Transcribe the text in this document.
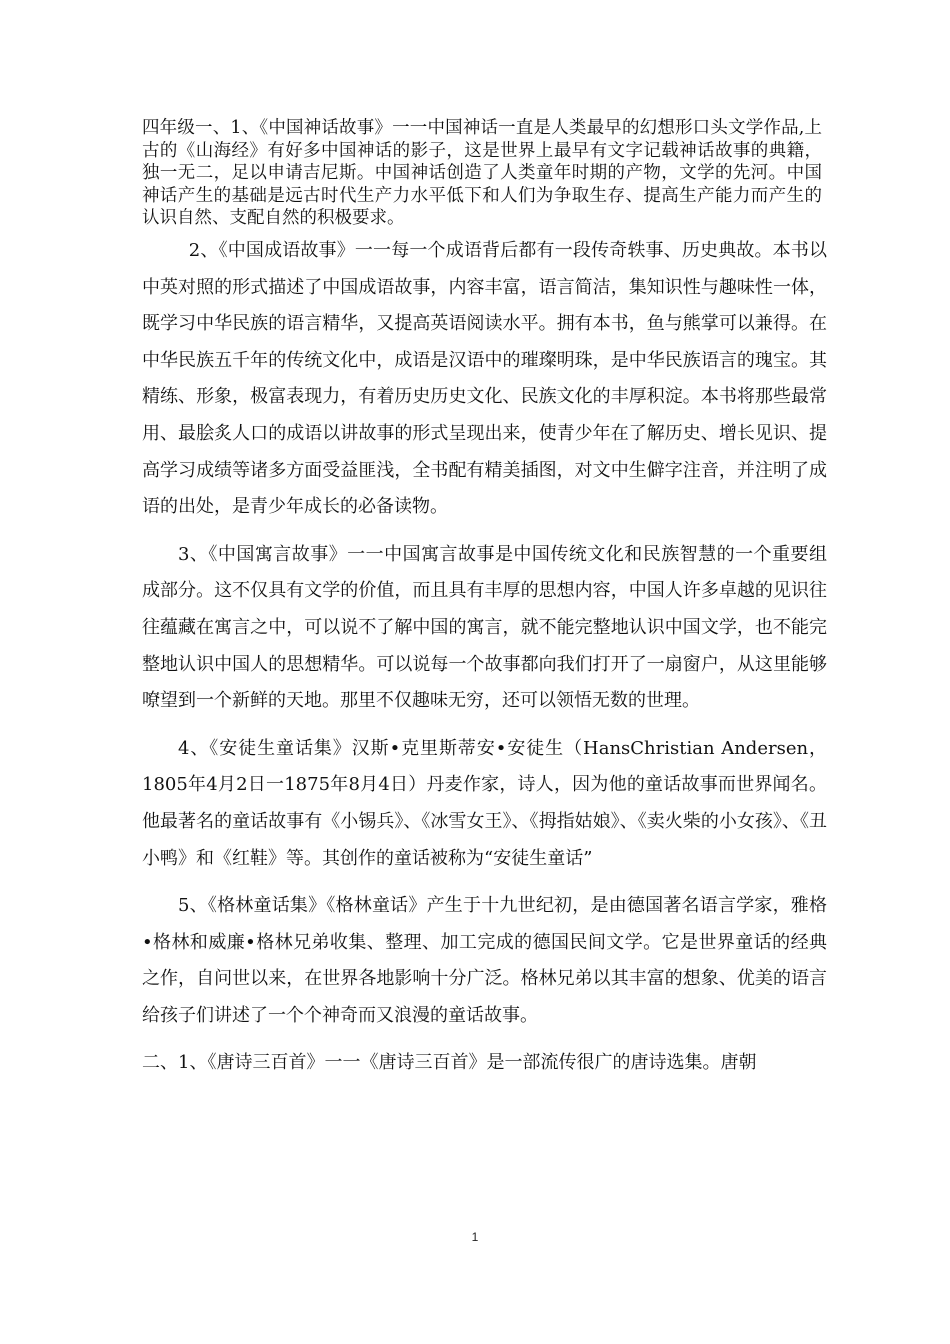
四年级一、1、《中国神话故事》一一中国神话一直是人类最早的幻想形口头文学作品,上古的《山海经》有好多中国神话的影子，这是世界上最早有文字记载神话故事的典籍，独一无二，足以申请吉尼斯。中国神话创造了人类童年时期的产物，文学的先河。中国神话产生的基础是远古时代生产力水平低下和人们为争取生存、提高生产能力而产生的认识自然、支配自然的积极要求。

2、《中国成语故事》一一每一个成语背后都有一段传奇轶事、历史典故。本书以中英对照的形式描述了中国成语故事，内容丰富，语言简洁，集知识性与趣味性一体，既学习中华民族的语言精华，又提高英语阅读水平。拥有本书，鱼与熊掌可以兼得。在中华民族五千年的传统文化中，成语是汉语中的璀璨明珠，是中华民族语言的瑰宝。其精练、形象，极富表现力，有着历史历史文化、民族文化的丰厚积淀。本书将那些最常用、最脍炙人口的成语以讲故事的形式呈现出来，使青少年在了解历史、增长见识、提高学习成绩等诸多方面受益匪浅，全书配有精美插图，对文中生僻字注音，并注明了成语的出处，是青少年成长的必备读物。

3、《中国寓言故事》一一中国寓言故事是中国传统文化和民族智慧的一个重要组成部分。这不仅具有文学的价值，而且具有丰厚的思想内容，中国人许多卓越的见识往往蕴藏在寓言之中，可以说不了解中国的寓言，就不能完整地认识中国文学，也不能完整地认识中国人的思想精华。可以说每一个故事都向我们打开了一扇窗户，从这里能够嘹望到一个新鲜的天地。那里不仅趣味无穷，还可以领悟无数的世理。

4、《安徒生童话集》汉斯•克里斯蒂安•安徒生（HansChristian Andersen，1805年4月2日一1875年8月4日）丹麦作家，诗人，因为他的童话故事而世界闻名。他最著名的童话故事有《小锡兵》、《冰雪女王》、《拇指姑娘》、《卖火柴的小女孩》、《丑小鸭》和《红鞋》等。其创作的童话被称为“安徒生童话”

5、《格林童话集》《格林童话》产生于十九世纪初，是由德国著名语言学家，雅格•格林和威廉•格林兄弟收集、整理、加工完成的德国民间文学。它是世界童话的经典之作，自问世以来，在世界各地影响十分广泛。格林兄弟以其丰富的想象、优美的语言给孩子们讲述了一个个神奇而又浪漫的童话故事。

二、1、《唐诗三百首》一一《唐诗三百首》是一部流传很广的唐诗选集。唐朝

1
